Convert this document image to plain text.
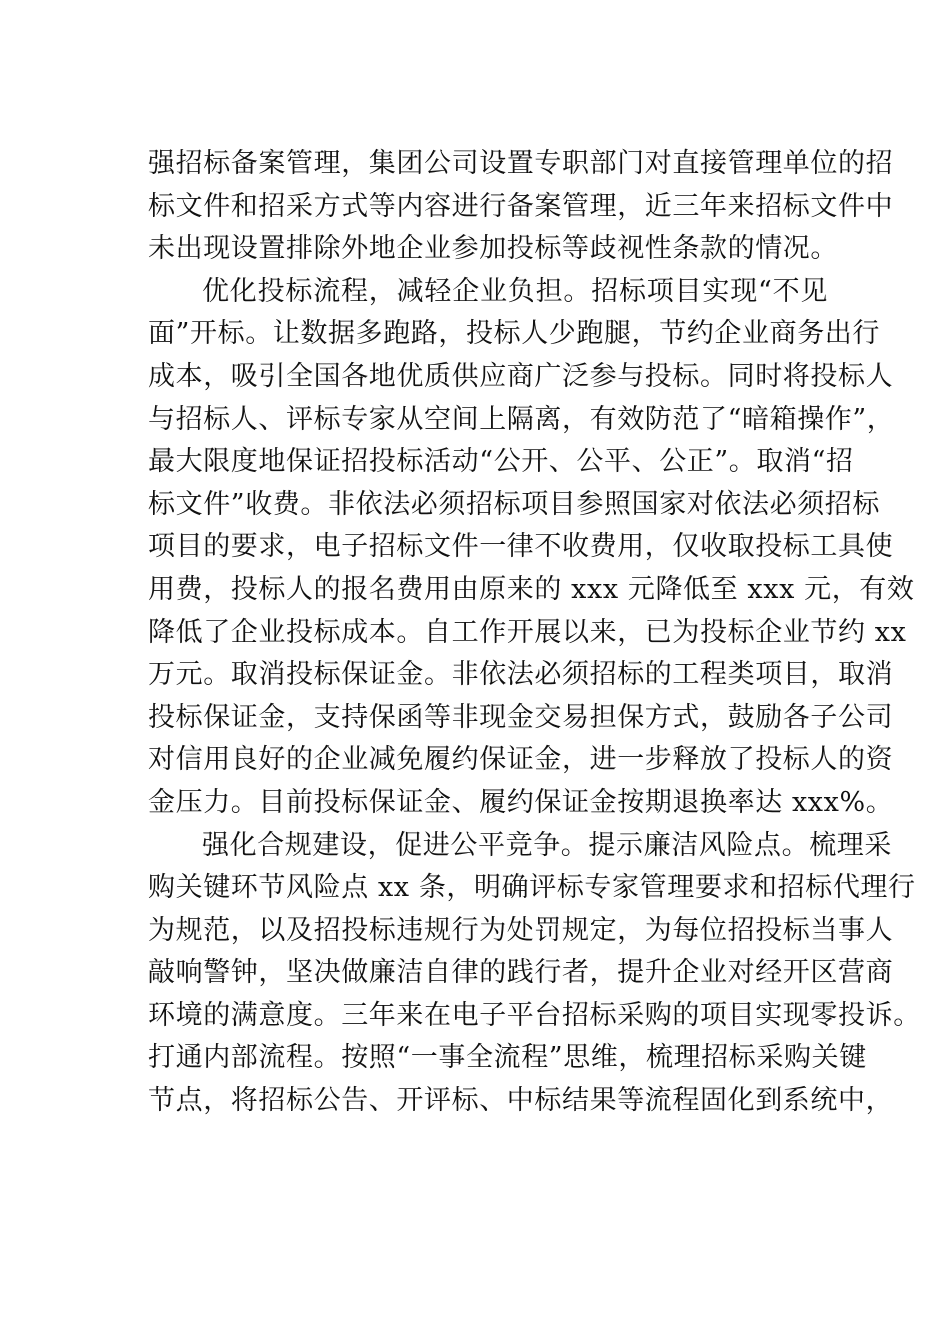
强招标备案管理，集团公司设置专职部门对直接管理单位的招
标文件和招采方式等内容进行备案管理，近三年来招标文件中
未出现设置排除外地企业参加投标等歧视性条款的情况。
优化投标流程，减轻企业负担。招标项目实现“不见
面”开标。让数据多跑路，投标人少跑腿，节约企业商务出行
成本，吸引全国各地优质供应商广泛参与投标。同时将投标人
与招标人、评标专家从空间上隔离，有效防范了“暗箱操作”，
最大限度地保证招投标活动“公开、公平、公正”。取消“招
标文件”收费。非依法必须招标项目参照国家对依法必须招标
项目的要求，电子招标文件一律不收费用，仅收取投标工具使
用费，投标人的报名费用由原来的 xxx 元降低至 xxx 元，有效
降低了企业投标成本。自工作开展以来，已为投标企业节约 xx
万元。取消投标保证金。非依法必须招标的工程类项目，取消
投标保证金，支持保函等非现金交易担保方式，鼓励各子公司
对信用良好的企业减免履约保证金，进一步释放了投标人的资
金压力。目前投标保证金、履约保证金按期退换率达 xxx%。
强化合规建设，促进公平竞争。提示廉洁风险点。梳理采
购关键环节风险点 xx 条，明确评标专家管理要求和招标代理行
为规范，以及招投标违规行为处罚规定，为每位招投标当事人
敲响警钟，坚决做廉洁自律的践行者，提升企业对经开区营商
环境的满意度。三年来在电子平台招标采购的项目实现零投诉。
打通内部流程。按照“一事全流程”思维，梳理招标采购关键
节点，将招标公告、开评标、中标结果等流程固化到系统中，
